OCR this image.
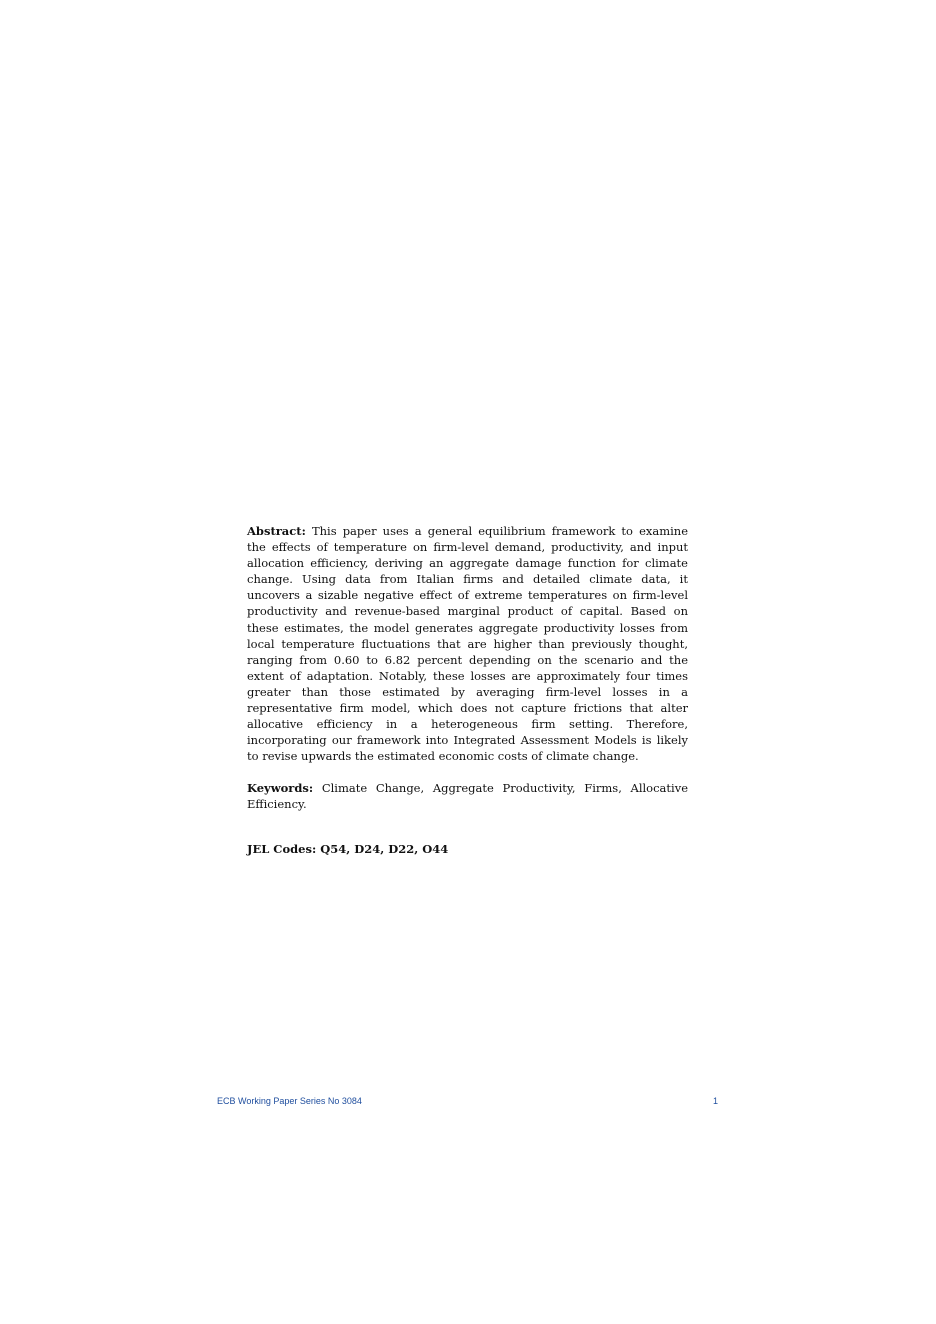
Abstract: This paper uses a general equilibrium framework to examine the effects of temperature on firm-level demand, productivity, and input allocation efficiency, deriving an aggregate damage function for climate change. Using data from Italian firms and detailed climate data, it uncovers a sizable negative effect of extreme temperatures on firm-level productivity and revenue-based marginal product of capital. Based on these estimates, the model generates aggregate productivity losses from local temperature fluctuations that are higher than previously thought, ranging from 0.60 to 6.82 percent depending on the scenario and the extent of adaptation. Notably, these losses are approximately four times greater than those estimated by averaging firm-level losses in a representative firm model, which does not capture frictions that alter allocative efficiency in a heterogeneous firm setting. Therefore, incorporating our framework into Integrated Assessment Models is likely to revise upwards the estimated economic costs of climate change.

Keywords: Climate Change, Aggregate Productivity, Firms, Allocative Efficiency.

JEL Codes: Q54, D24, D22, O44

ECB Working Paper Series No 3084	1
